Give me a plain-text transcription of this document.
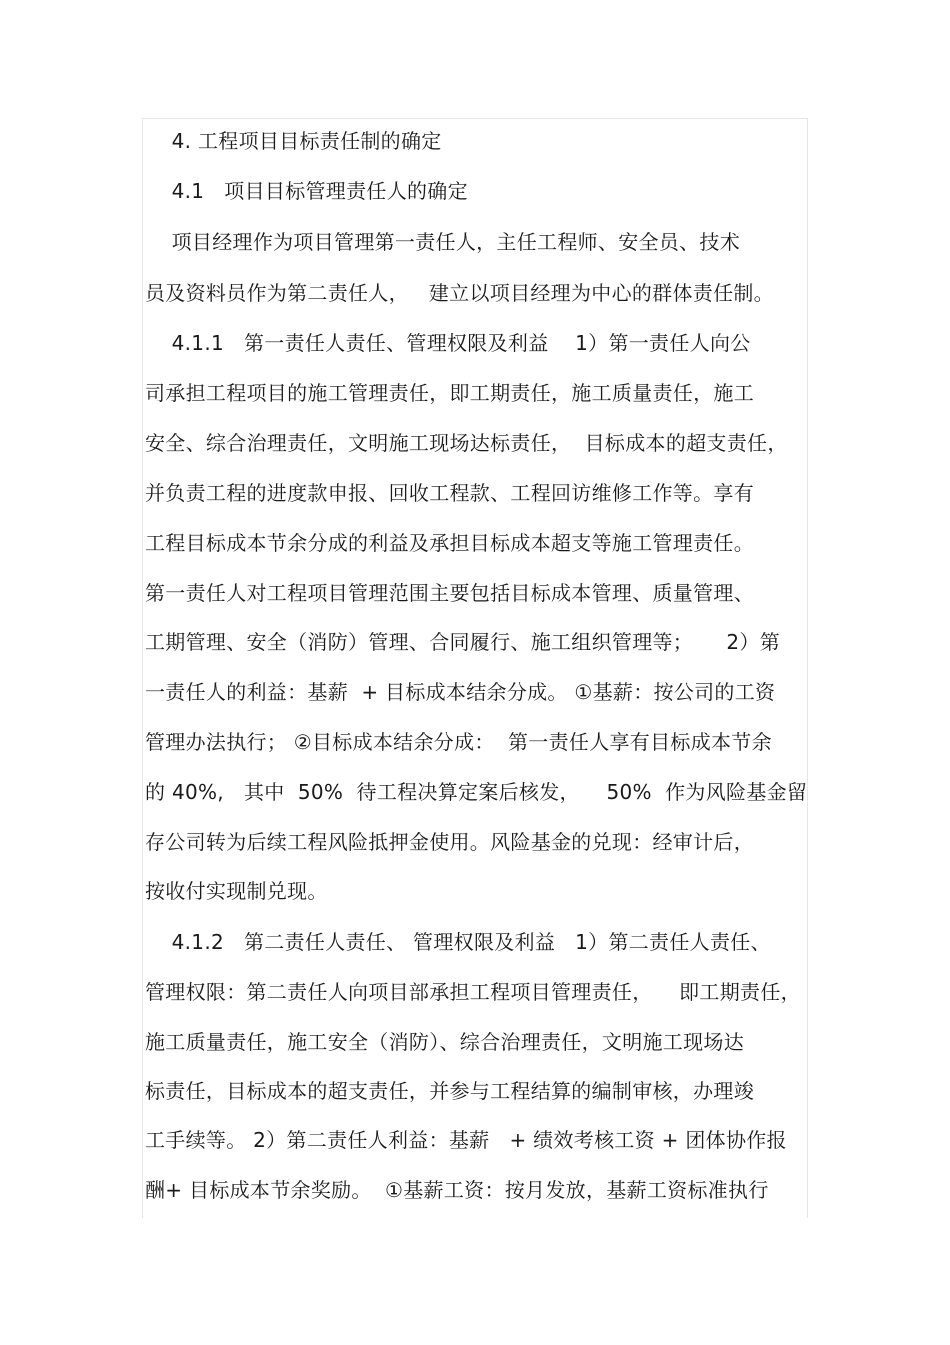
4. 工程项目目标责任制的确定
4.1   项目目标管理责任人的确定
项目经理作为项目管理第一责任人，主任工程师、安全员、技术
员及资料员作为第二责任人，   建立以项目经理为中心的群体责任制。
4.1.1   第一责任人责任、管理权限及利益    1）第一责任人向公
司承担工程项目的施工管理责任，即工期责任，施工质量责任，施工
安全、综合治理责任，文明施工现场达标责任，  目标成本的超支责任，
并负责工程的进度款申报、回收工程款、工程回访维修工作等。享有
工程目标成本节余分成的利益及承担目标成本超支等施工管理责任。
第一责任人对工程项目管理范围主要包括目标成本管理、质量管理、
工期管理、安全（消防）管理、合同履行、施工组织管理等；     2）第
一责任人的利益：基薪  + 目标成本结余分成。 ①基薪：按公司的工资
管理办法执行； ②目标成本结余分成：  第一责任人享有目标成本节余
的 40%,   其中  50%  待工程决算定案后核发，    50%  作为风险基金留
存公司转为后续工程风险抵押金使用。风险基金的兑现：经审计后，
按收付实现制兑现。
4.1.2   第二责任人责任、 管理权限及利益   1）第二责任人责任、
管理权限：第二责任人向项目部承担工程项目管理责任，    即工期责任，
施工质量责任，施工安全（消防）、综合治理责任，文明施工现场达
标责任，目标成本的超支责任，并参与工程结算的编制审核，办理竣
工手续等。 2）第二责任人利益：基薪   + 绩效考核工资 + 团体协作报
酬+ 目标成本节余奖励。  ①基薪工资：按月发放，基薪工资标准执行
